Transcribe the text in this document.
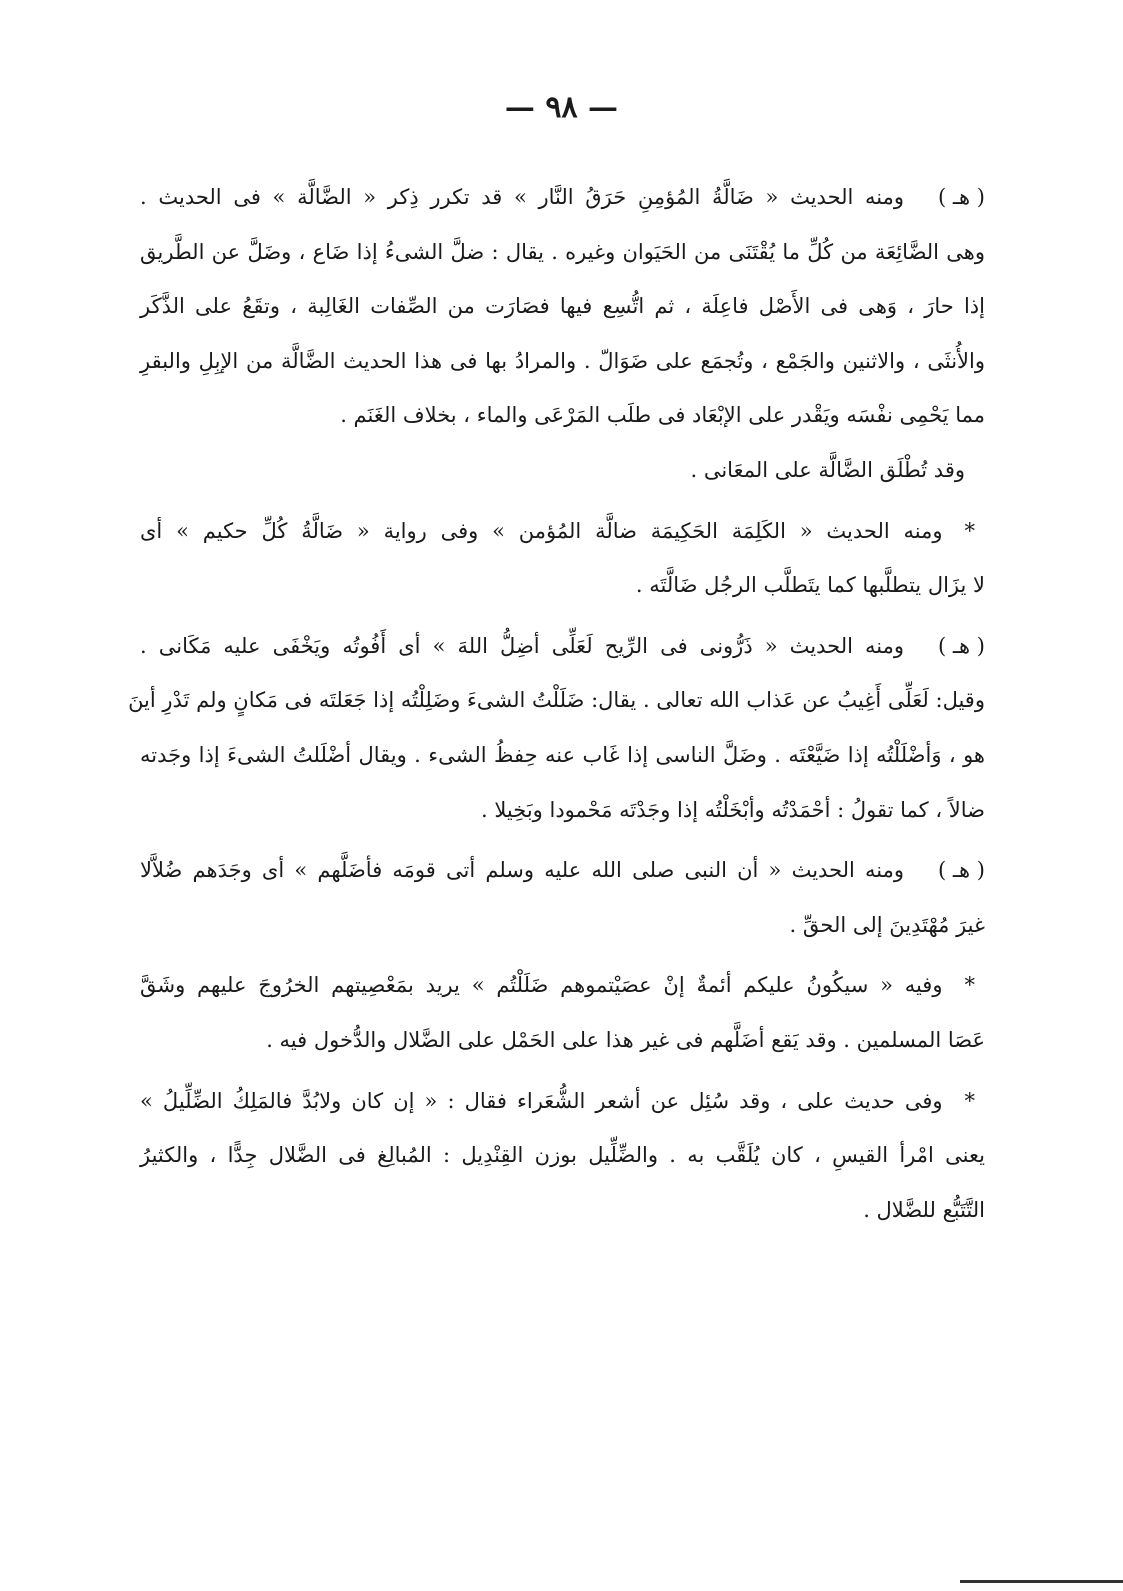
— ٩٨ —
( هـ )ومنه الحديث « ضَالَّةُ المُؤمِنِ حَرَقُ النَّار » قد تكرر ذِكر « الضَّالَّة » فى الحديث .
وهى الضَّائِعَة من كُلِّ ما يُقْتَنَى من الحَيَوان وغيره . يقال : ضلَّ الشىءُ إذا ضَاع ، وضَلَّ عن الطَّريق
إذا حارَ ، وَهى فى الأَصْل فاعِلَة ، ثم اتُّسِع فيها فصَارَت من الصِّفات الغَالِبة ، وتقَعُ على الذَّكَر
والأُنثَى ، والاثنين والجَمْع ، وتُجمَع على ضَوَالّ . والمرادُ بها فى هذا الحديث الضَّالَّة من الإبِلِ والبقرِ
مما يَحْمِى نفْسَه ويَقْدر على الإبْعَاد فى طلَب المَرْعَى والماء ، بخلاف الغَنَم .
وقد تُطْلَق الضَّالَّة على المعَانى .
*ومنه الحديث « الكَلِمَة الحَكِيمَة ضالَّة المُؤمن » وفى رواية « ضَالَّةُ كُلِّ حكيم » أى
لا يزَال يتطلَّبها كما يتَطلَّب الرجُل ضَالَّتَه .
( هـ )ومنه الحديث « ذَرُّونى فى الرِّيح لَعَلِّى أضِلُّ اللهَ » أى أَفُوتُه ويَخْفَى عليه مَكَانى .
وقيل: لَعَلِّى أَغِيبُ عن عَذاب الله تعالى . يقال: ضَلَلْتُ الشىءَ وضَلِلْتُه إذا جَعَلتَه فى مَكانٍ ولم تَدْرِ أينَ
هو ، وَأضْلَلْتُه إذا ضَيَّعْتَه . وضَلَّ الناسى إذا غَاب عنه حِفظُ الشىء . ويقال أضْلَلتُ الشىءَ إذا وجَدته
ضالاً ، كما تقولُ : أحْمَدْتُه وأبْخَلْتُه إذا وجَدْتَه مَحْمودا وبَخِيلا .
( هـ )ومنه الحديث « أن النبى صلى الله عليه وسلم أتى قومَه فأضَلَّهم » أى وجَدَهم ضُلاَّلا
غيرَ مُهْتَدِينَ إلى الحقِّ .
*وفيه « سيكُونُ عليكم أئمةٌ إنْ عصَيْتموهم ضَلَلْتُم » يريد بمَعْصِيتهم الخرُوجَ عليهم وشَقَّ
عَصَا المسلمين . وقد يَقع أضَلَّهم فى غير هذا على الحَمْل على الضَّلال والدُّخول فيه .
*وفى حديث على ، وقد سُئِل عن أشعر الشُّعَراء فقال : « إن كان ولابُدَّ فالمَلِكُ الضِّلِّيلُ »
يعنى امْرأ القيسِ ، كان يُلَقَّب به . والضِّلِّيل بوزن القِنْدِيل : المُبالِغ فى الضَّلال جِدًّا ، والكثيرُ
التَّتَبُّع للضَّلال .
